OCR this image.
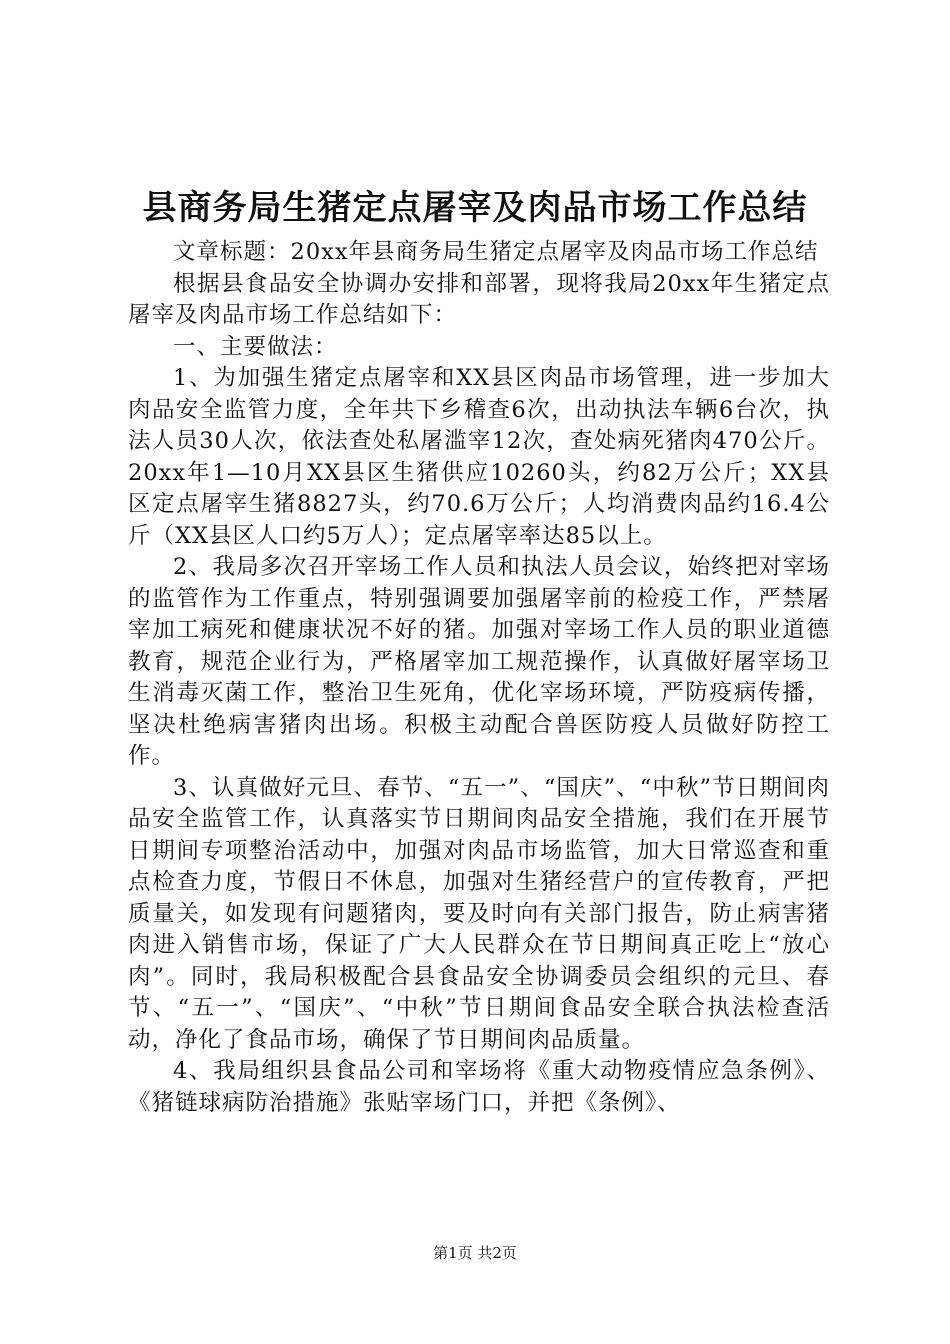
县商务局生猪定点屠宰及肉品市场工作总结

文章标题：20xx年县商务局生猪定点屠宰及肉品市场工作总结

根据县食品安全协调办安排和部署，现将我局20xx年生猪定点屠宰及肉品市场工作总结如下：

一、主要做法：

1、为加强生猪定点屠宰和XX县区肉品市场管理，进一步加大肉品安全监管力度，全年共下乡稽查6次，出动执法车辆6台次，执法人员30人次，依法查处私屠滥宰12次，查处病死猪肉470公斤。20xx年1—10月XX县区生猪供应10260头，约82万公斤；XX县区定点屠宰生猪8827头，约70.6万公斤；人均消费肉品约16.4公斤（XX县区人口约5万人）；定点屠宰率达85以上。

2、我局多次召开宰场工作人员和执法人员会议，始终把对宰场的监管作为工作重点，特别强调要加强屠宰前的检疫工作，严禁屠宰加工病死和健康状况不好的猪。加强对宰场工作人员的职业道德教育，规范企业行为，严格屠宰加工规范操作，认真做好屠宰场卫生消毒灭菌工作，整治卫生死角，优化宰场环境，严防疫病传播，坚决杜绝病害猪肉出场。积极主动配合兽医防疫人员做好防控工作。

3、认真做好元旦、春节、“五一”、“国庆”、“中秋”节日期间肉品安全监管工作，认真落实节日期间肉品安全措施，我们在开展节日期间专项整治活动中，加强对肉品市场监管，加大日常巡查和重点检查力度，节假日不休息，加强对生猪经营户的宣传教育，严把质量关，如发现有问题猪肉，要及时向有关部门报告，防止病害猪肉进入销售市场，保证了广大人民群众在节日期间真正吃上“放心肉”。同时，我局积极配合县食品安全协调委员会组织的元旦、春节、“五一”、“国庆”、“中秋”节日期间食品安全联合执法检查活动，净化了食品市场，确保了节日期间肉品质量。

4、我局组织县食品公司和宰场将《重大动物疫情应急条例》、《猪链球病防治措施》张贴宰场门口，并把《条例》、

第1页 共2页
